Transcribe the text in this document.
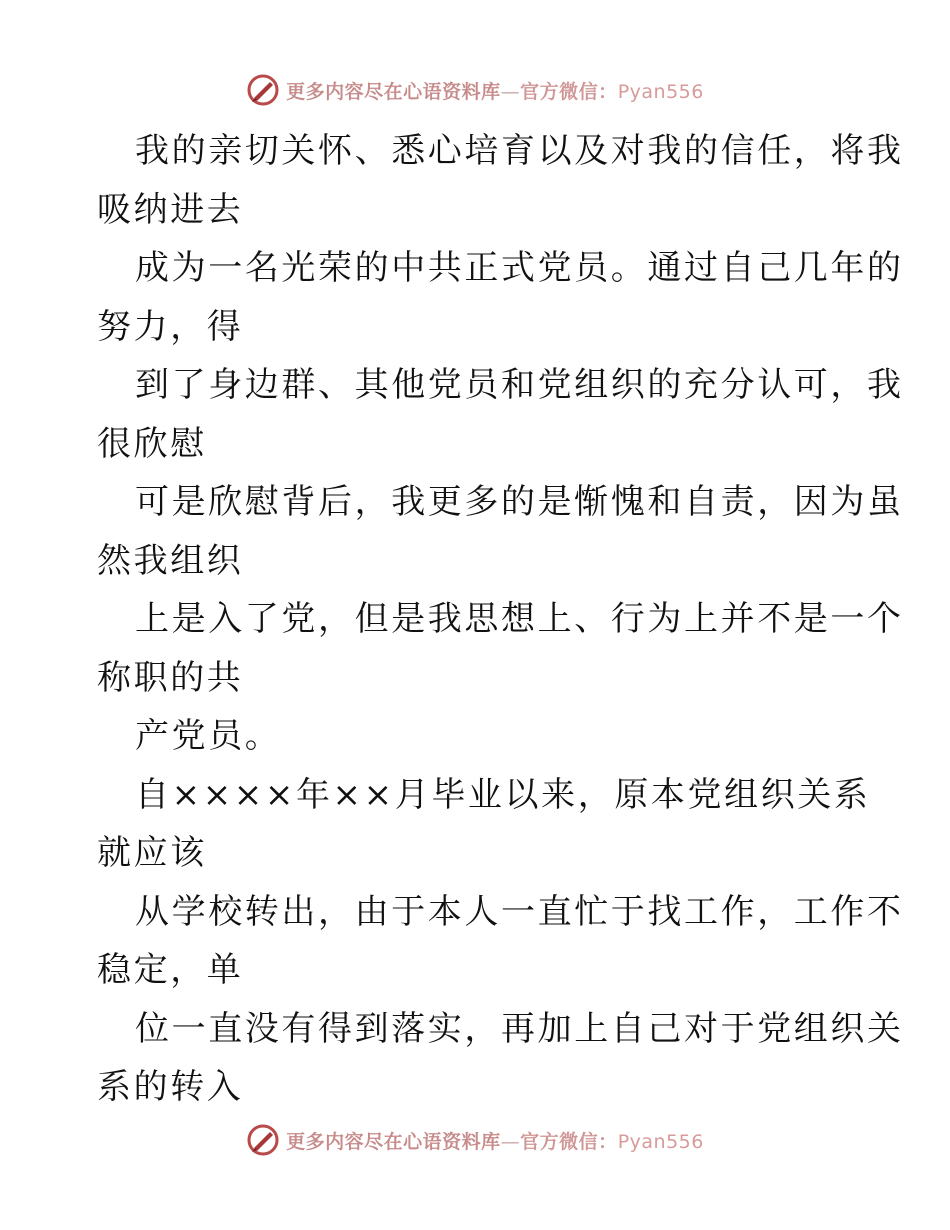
更多内容尽在心语资料库—官方微信：Pyan556
我的亲切关怀、悉心培育以及对我的信任，将我
吸纳进去
成为一名光荣的中共正式党员。通过自己几年的
努力，得
到了身边群、其他党员和党组织的充分认可，我
很欣慰
可是欣慰背后，我更多的是惭愧和自责，因为虽
然我组织
上是入了党，但是我思想上、行为上并不是一个
称职的共
产党员。
自××××年××月毕业以来，原本党组织关系
就应该
从学校转出，由于本人一直忙于找工作，工作不
稳定，单
位一直没有得到落实，再加上自己对于党组织关
系的转入
更多内容尽在心语资料库—官方微信：Pyan556
